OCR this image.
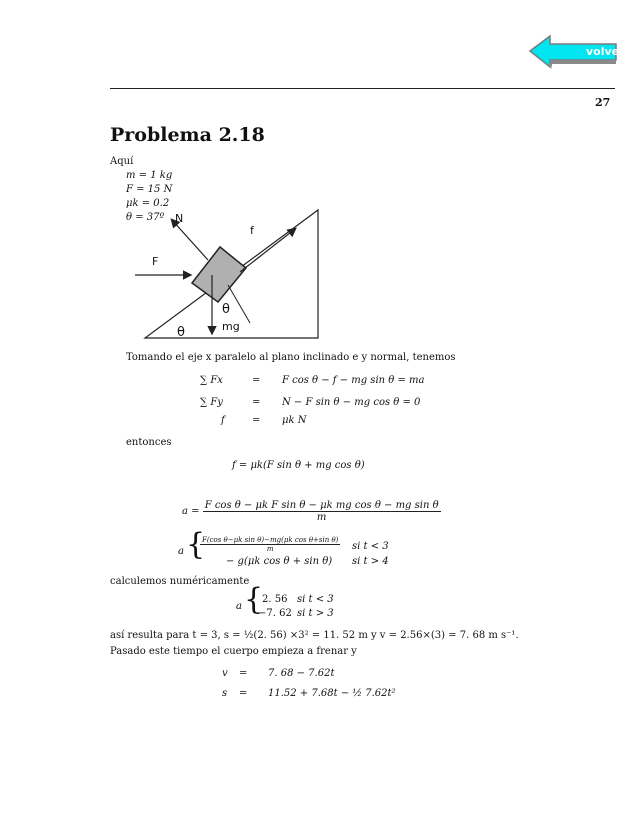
volver
27
Problema 2.18
Aquí
m = 1 kg
F = 15 N
μk = 0.2
θ = 37º N
f
F
θ
mg
θ
Tomando el eje x paralelo al plano inclinado e y normal, tenemos
∑ Fx	= F cos θ − f − mg sin θ = ma
∑ Fy	= N − F sin θ − mg cos θ = 0
f	= μk N
entonces
f = μk(F sin θ + mg cos θ)
$a = \frac{\text{F cos θ − μk F sin θ − μk mg cos θ − mg sin θ}}{m}$
a {
$\frac{\text{F(cos θ−μk sin θ)−mg(μk cos θ+sin θ)}}{m}$ si t < 3
− g(μk cos θ + sin θ) si t > 4
calculemos numéricamente
a {
2. 56 si t < 3
−7. 62 si t > 3
así resulta para t = 3, s = ½(2. 56) ×3² = 11. 52 m y v = 2.56×(3) = 7. 68 m s⁻¹.
Pasado este tiempo el cuerpo empieza a frenar y
v = 7. 68 − 7.62t
s = 11.52 + 7.68t − ½ 7.62t²
